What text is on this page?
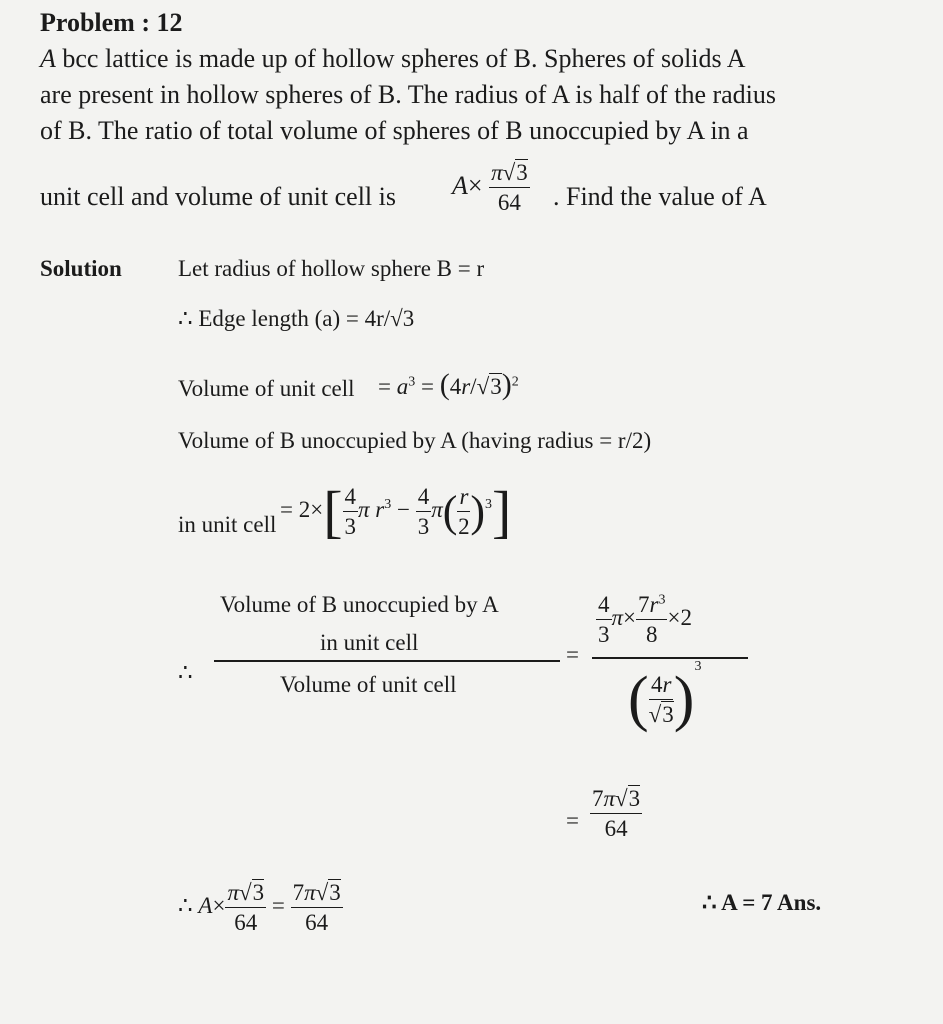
Problem : 12
A bcc lattice is made up of hollow spheres of B. Spheres of solids A
are present in hollow spheres of B. The radius of A is half of the radius
of B. The ratio of total volume of spheres of B unoccupied by A in a
unit cell and volume of unit cell is $A\times \frac{\pi√3}{64}$ . Find the value of A
Solution Let radius of hollow sphere B = r
∴ Edge length (a) = 4r/√3
Volume of unit cell = $a^3 = (4r/√3)^2$
Volume of B unoccupied by A (having radius = r/2)
in unit cell
= $2\times[ \frac{4}{3}$ π $r^3 - \frac{4}{3} \pi( \frac{r}{2} )^3$]
Volume of B unoccupied by A
in unit cell
Volume of unit cell
∴
=
$\frac{4}{3} \pi\times \frac{7r^3}{8} \times 2$
( $\frac{4r}{√3} )^3$
= $\frac{7\pi√3}{64}$
∴ $A\times \frac{\pi√3}{64} = \frac{7\pi√3}{64}$	∴ A = 7 Ans.
